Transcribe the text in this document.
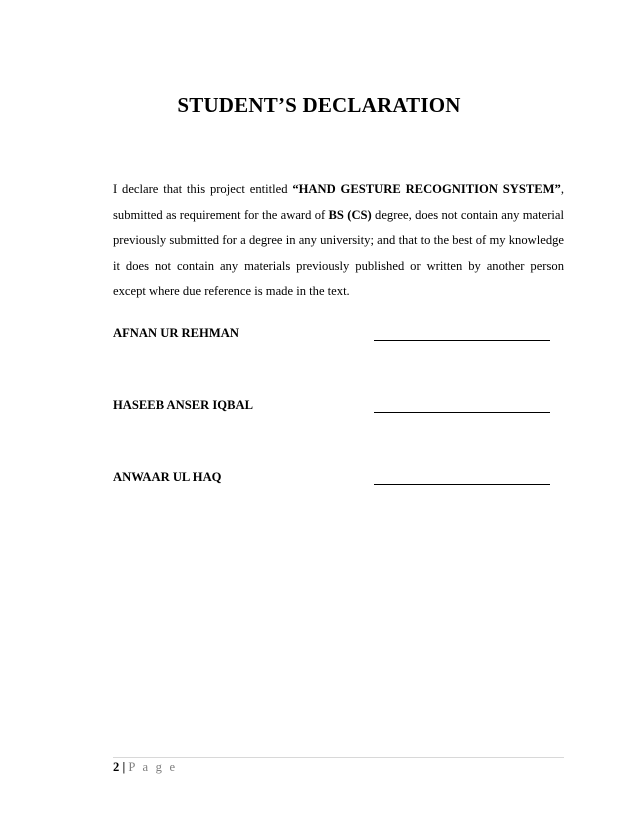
STUDENT’S DECLARATION
I declare that this project entitled “HAND GESTURE RECOGNITION SYSTEM”, submitted as requirement for the award of BS (CS) degree, does not contain any material previously submitted for a degree in any university; and that to the best of my knowledge it does not contain any materials previously published or written by another person except where due reference is made in the text.
AFNAN UR REHMAN
HASEEB ANSER IQBAL
ANWAAR UL HAQ
2 | P a g e
